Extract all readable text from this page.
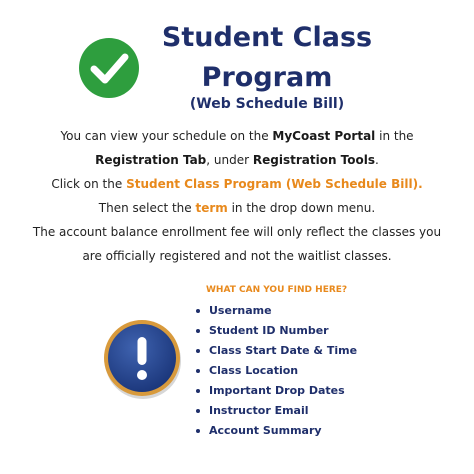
Student Class
Program
(Web Schedule Bill)
You can view your schedule on the MyCoast Portal in the
Registration Tab, under Registration Tools.
Click on the Student Class Program (Web Schedule Bill).
Then select the term in the drop down menu.
The account balance enrollment fee will only reflect the classes you
are officially registered and not the waitlist classes.
WHAT CAN YOU FIND HERE?
Username
Student ID Number
Class Start Date & Time
Class Location
Important Drop Dates
Instructor Email
Account Summary
